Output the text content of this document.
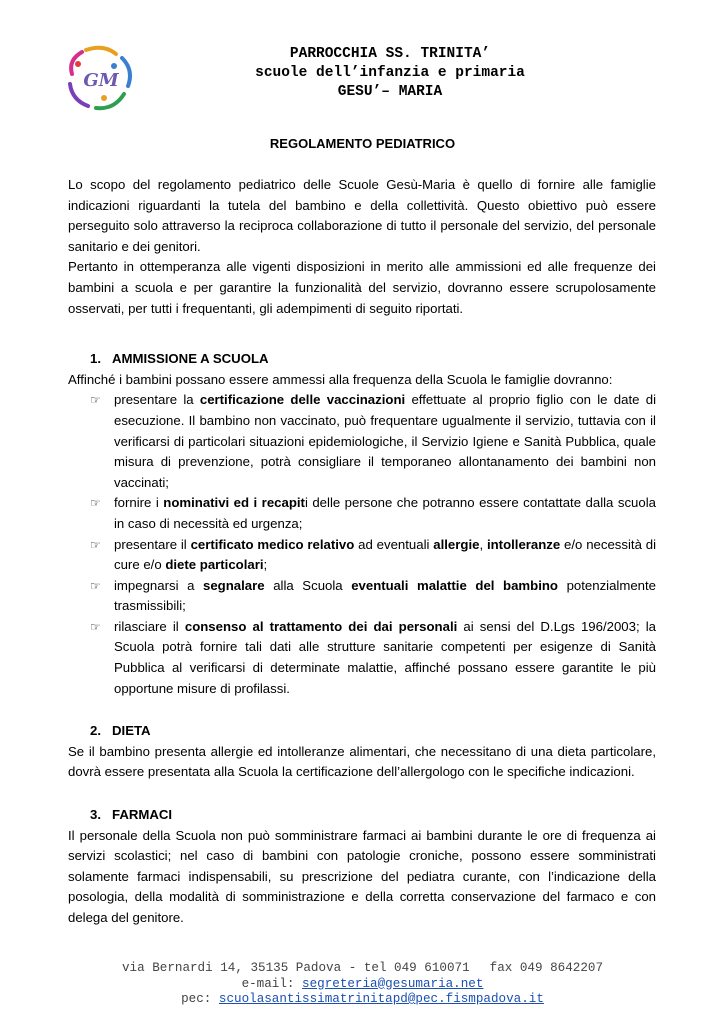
GM
PARROCCHIA SS. TRINITA’
scuole dell’infanzia e primaria
GESU’– MARIA
REGOLAMENTO PEDIATRICO

Lo scopo del regolamento pediatrico delle Scuole Gesù-Maria è quello di fornire alle famiglie indicazioni riguardanti la tutela del bambino e della collettività. Questo obiettivo può essere perseguito solo attraverso la reciproca collaborazione di tutto il personale del servizio, del personale sanitario e dei genitori.

Pertanto in ottemperanza alle vigenti disposizioni in merito alle ammissioni ed alle frequenze dei bambini a scuola e per garantire la funzionalità del servizio, dovranno essere scrupolosamente osservati, per tutti i frequentanti, gli adempimenti di seguito riportati.

1. AMMISSIONE A SCUOLA

Affinché i bambini possano essere ammessi alla frequenza della Scuola le famiglie dovranno:

☞ presentare la certificazione delle vaccinazioni effettuate al proprio figlio con le date di esecuzione. Il bambino non vaccinato, può frequentare ugualmente il servizio, tuttavia con il verificarsi di particolari situazioni epidemiologiche, il Servizio Igiene e Sanità Pubblica, quale misura di prevenzione, potrà consigliare il temporaneo allontanamento dei bambini non vaccinati;
☞ fornire i nominativi ed i recapiti delle persone che potranno essere contattate dalla scuola in caso di necessità ed urgenza;
☞ presentare il certificato medico relativo ad eventuali allergie, intolleranze e/o necessità di cure e/o diete particolari;
☞ impegnarsi a segnalare alla Scuola eventuali malattie del bambino potenzialmente trasmissibili;
☞ rilasciare il consenso al trattamento dei dai personali ai sensi del D.Lgs 196/2003; la Scuola potrà fornire tali dati alle strutture sanitarie competenti per esigenze di Sanità Pubblica al verificarsi di determinate malattie, affinché possano essere garantite le più opportune misure di profilassi.
2. DIETA

Se il bambino presenta allergie ed intolleranze alimentari, che necessitano di una dieta particolare, dovrà essere presentata alla Scuola la certificazione dell’allergologo con le specifiche indicazioni.

3. FARMACI

Il personale della Scuola non può somministrare farmaci ai bambini durante le ore di frequenza ai servizi scolastici; nel caso di bambini con patologie croniche, possono essere somministrati solamente farmaci indispensabili, su prescrizione del pediatra curante, con l’indicazione della posologia, della modalità di somministrazione e della corretta conservazione del farmaco e con delega del genitore.

via Bernardi 14, 35135 Padova - tel 049 610071 fax 049 8642207
e-mail: segreteria@gesumaria.net
pec: scuolasantissimatrinitapd@pec.fismpadova.it
